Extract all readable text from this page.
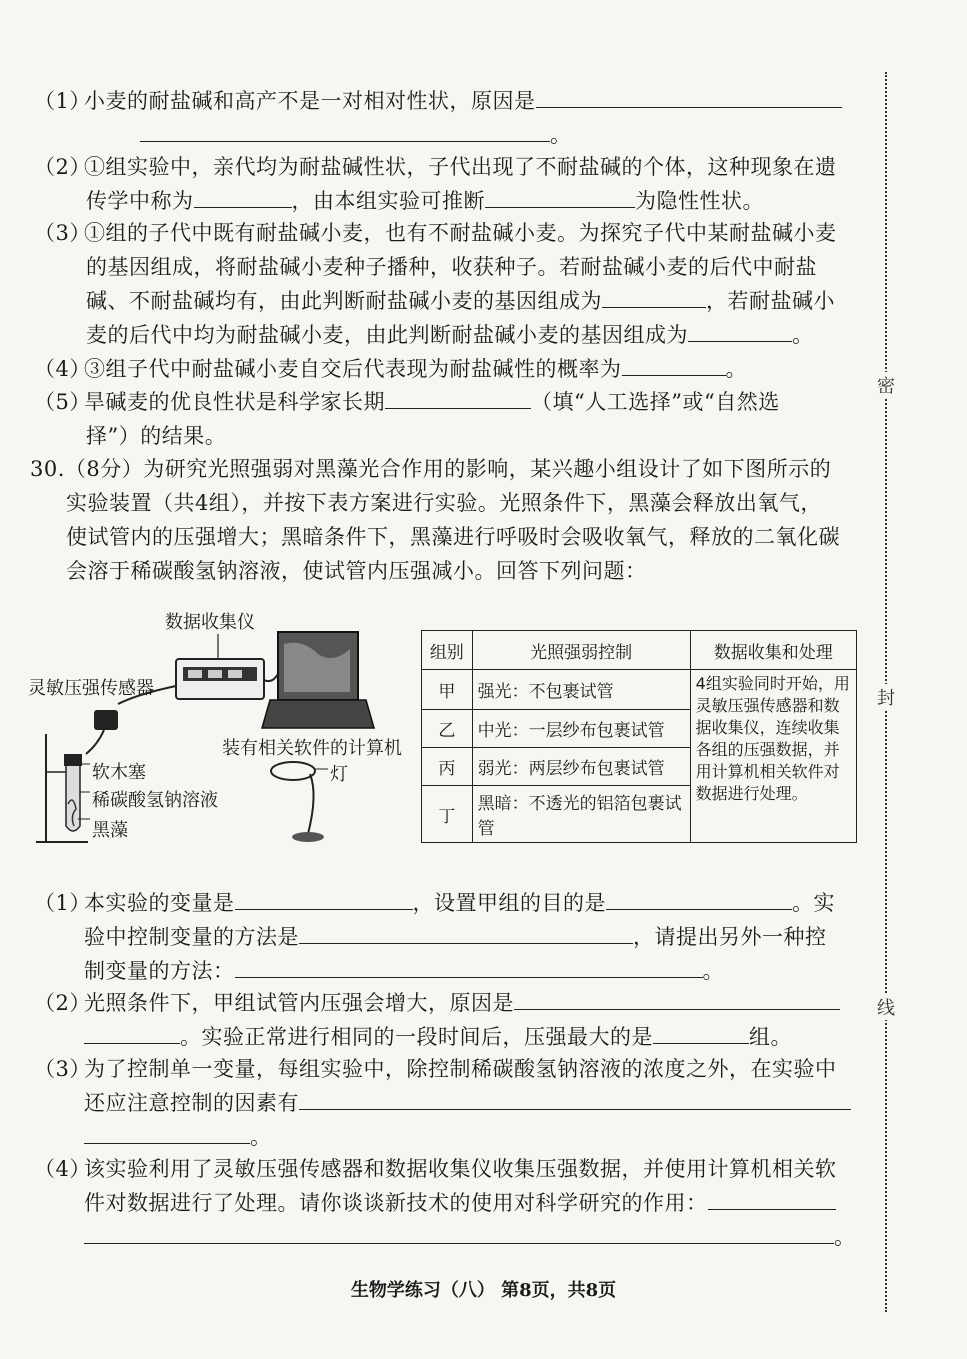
（1）小麦的耐盐碱和高产不是一对相对性状，原因是
。
（2）①组实验中，亲代均为耐盐碱性状，子代出现了不耐盐碱的个体，这种现象在遗
传学中称为	，由本组实验可推断	为隐性性状。
（3）①组的子代中既有耐盐碱小麦，也有不耐盐碱小麦。为探究子代中某耐盐碱小麦
的基因组成，将耐盐碱小麦种子播种，收获种子。若耐盐碱小麦的后代中耐盐
碱、不耐盐碱均有，由此判断耐盐碱小麦的基因组成为	，若耐盐碱小
麦的后代中均为耐盐碱小麦，由此判断耐盐碱小麦的基因组成为	。
（4）③组子代中耐盐碱小麦自交后代表现为耐盐碱性的概率为	。
（5）旱碱麦的优良性状是科学家长期	（填“人工选择”或“自然选
择”）的结果。
30.（8分）为研究光照强弱对黑藻光合作用的影响，某兴趣小组设计了如下图所示的
实验装置（共4组），并按下表方案进行实验。光照条件下，黑藻会释放出氧气，
使试管内的压强增大；黑暗条件下，黑藻进行呼吸时会吸收氧气，释放的二氧化碳
会溶于稀碳酸氢钠溶液，使试管内压强减小。回答下列问题：
数据收集仪
灵敏压强传感器
装有相关软件的计算机
软木塞
稀碳酸氢钠溶液
黑藻
灯
组别	光照强弱控制	数据收集和处理
甲	强光：不包裹试管	4组实验同时开始，用灵敏压强传感器和数据收集仪，连续收集各组的压强数据，并用计算机相关软件对数据进行处理。
乙	中光：一层纱布包裹试管	
丙	弱光：两层纱布包裹试管	
丁	黑暗：不透光的铝箔包裹试管	
（1）本实验的变量是	，设置甲组的目的是	。实
验中控制变量的方法是	，请提出另外一种控
制变量的方法：	。
（2）光照条件下，甲组试管内压强会增大，原因是
。实验正常进行相同的一段时间后，压强最大的是	组。
（3）为了控制单一变量，每组实验中，除控制稀碳酸氢钠溶液的浓度之外，在实验中
还应注意控制的因素有
。
（4）该实验利用了灵敏压强传感器和数据收集仪收集压强数据，并使用计算机相关软
件对数据进行了处理。请你谈谈新技术的使用对科学研究的作用：
。
密
封
线
生物学练习（八） 第8页，共8页
